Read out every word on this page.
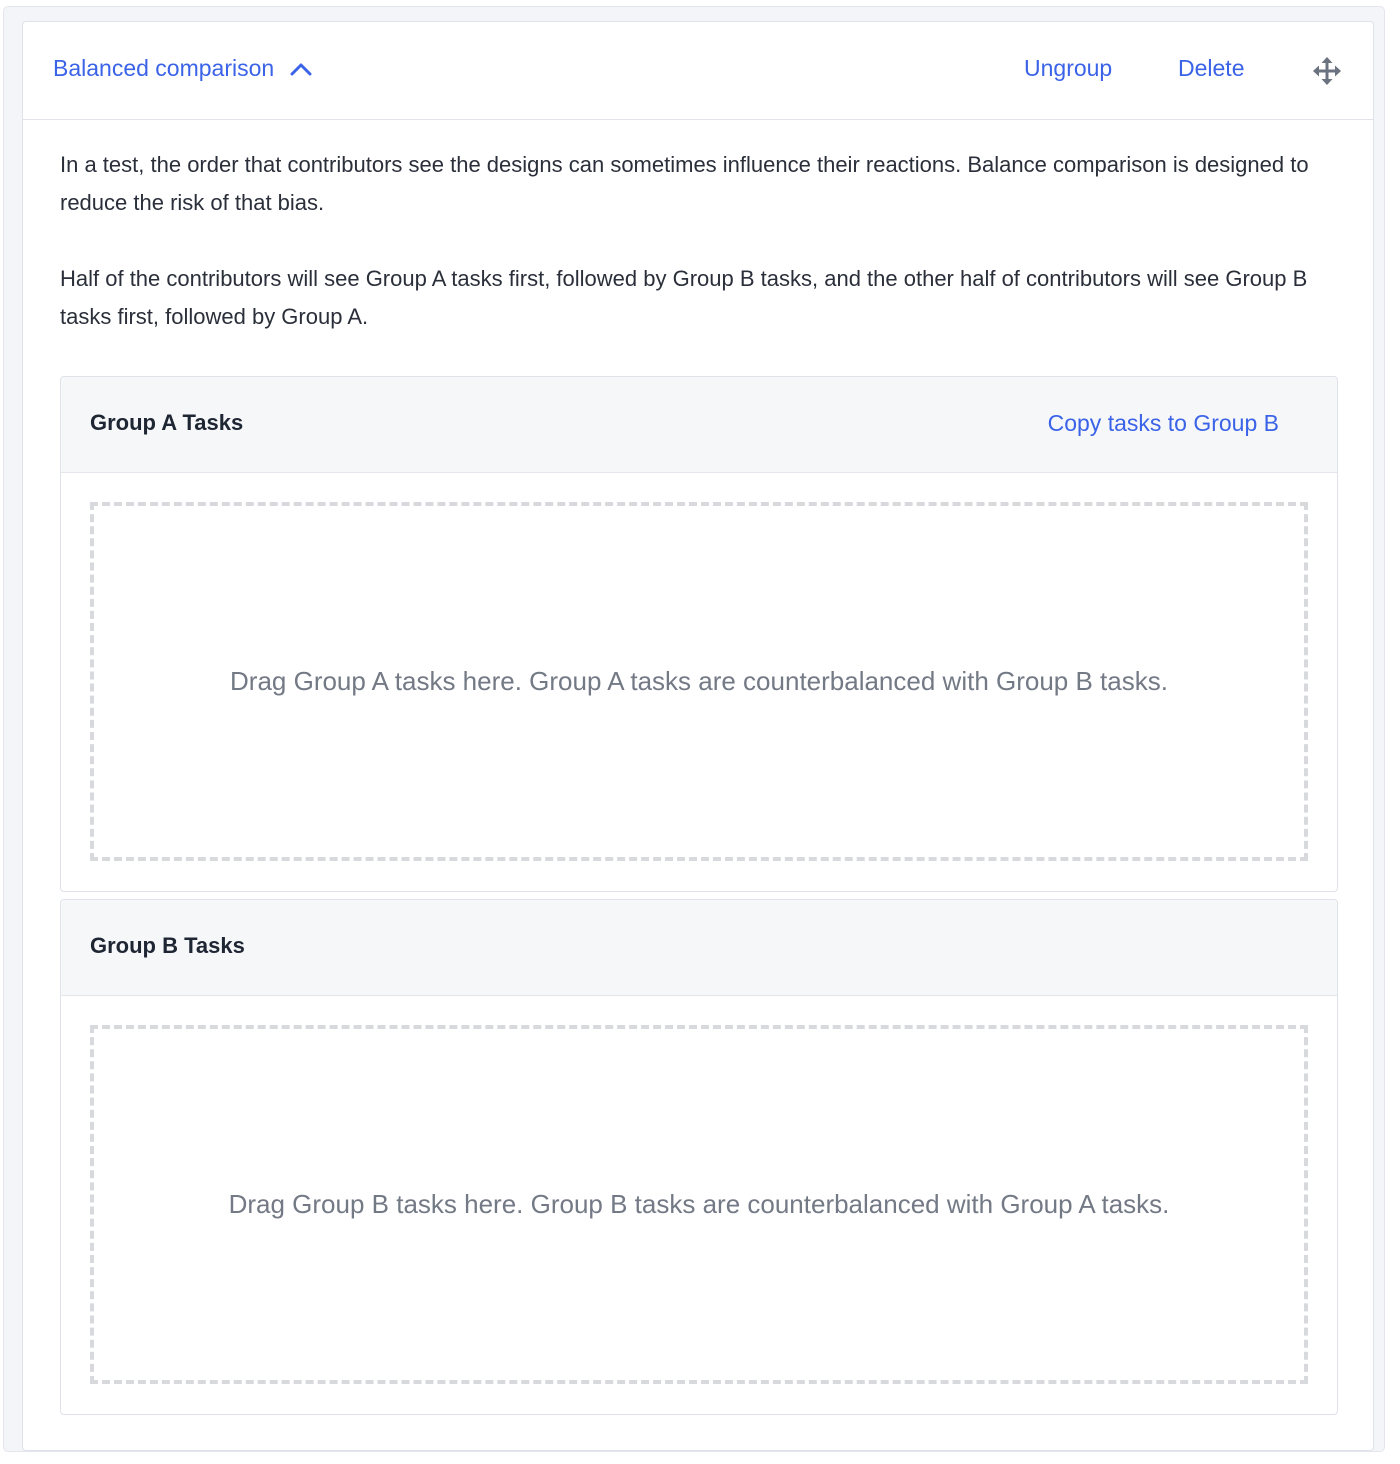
Balanced comparison	Ungroup	Delete

In a test, the order that contributors see the designs can sometimes influence their reactions. Balance comparison is designed to reduce the risk of that bias.

Half of the contributors will see Group A tasks first, followed by Group B tasks, and the other half of contributors will see Group B tasks first, followed by Group A.

Group A Tasks	Copy tasks to Group B
Drag Group A tasks here. Group A tasks are counterbalanced with Group B tasks.
Group B Tasks
Drag Group B tasks here. Group B tasks are counterbalanced with Group A tasks.
